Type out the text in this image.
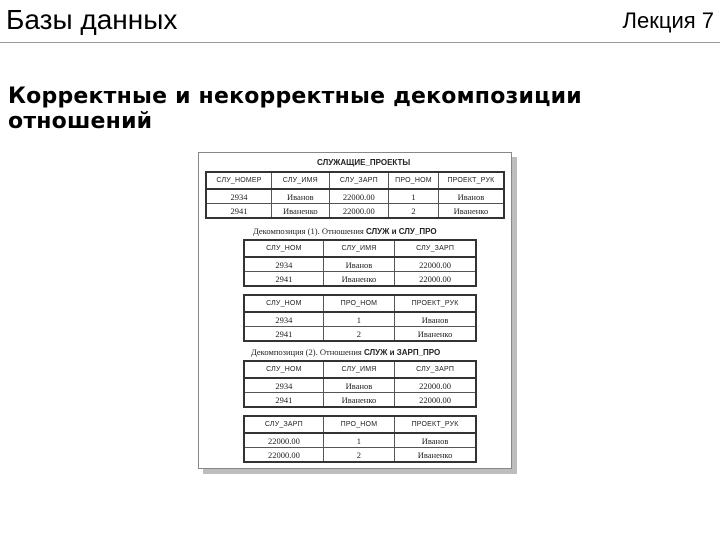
Базы данных	Лекция 7
Корректные и некорректные декомпозиции отношений
СЛУЖАЩИЕ_ПРОЕКТЫ
СЛУ_НОМЕР	СЛУ_ИМЯ	СЛУ_ЗАРП	ПРО_НОМ	ПРОЕКТ_РУК
2934	Иванов	22000.00	1	Иванов
2941	Иваненко	22000.00	2	Иваненко
Декомпозиция (1). Отношения СЛУЖ и СЛУ_ПРО
СЛУ_НОМ	СЛУ_ИМЯ	СЛУ_ЗАРП
2934	Иванов	22000.00
2941	Иваненко	22000.00
СЛУ_НОМ	ПРО_НОМ	ПРОЕКТ_РУК
2934	1	Иванов
2941	2	Иваненко
Декомпозиция (2). Отношения СЛУЖ и ЗАРП_ПРО
СЛУ_НОМ	СЛУ_ИМЯ	СЛУ_ЗАРП
2934	Иванов	22000.00
2941	Иваненко	22000.00
СЛУ_ЗАРП	ПРО_НОМ	ПРОЕКТ_РУК
22000.00	1	Иванов
22000.00	2	Иваненко
